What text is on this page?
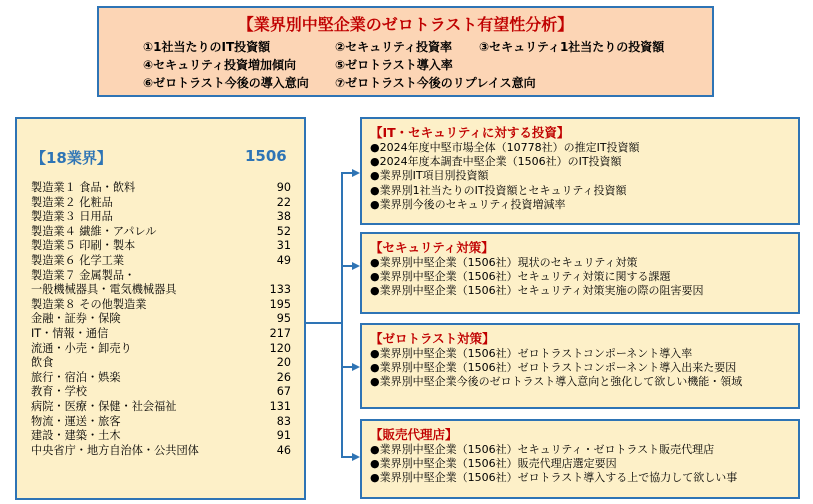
【業界別中堅企業のゼロトラスト有望性分析】
①1社当たりのIT投資額	②セキュリティ投資率 ③セキュリティ1社当たりの投資額
④セキュリティ投資増加傾向	⑤ゼロトラスト導入率
⑥ゼロトラスト今後の導入意向 ⑦ゼロトラスト今後のリプレイス意向
【18業界】	1506
製造業１ 食品・飲料	90
製造業２ 化粧品	22
製造業３ 日用品	38
製造業４ 繊維・アパレル	52
製造業５ 印刷・製本	31
製造業６ 化学工業	49
製造業７ 金属製品・
一般機械器具・電気機械器具	133
製造業８ その他製造業	195
金融・証券・保険	95
IT・情報・通信	217
流通・小売・卸売り	120
飲食	20
旅行・宿泊・娯楽	26
教育・学校	67
病院・医療・保健・社会福祉	131
物流・運送・旅客	83
建設・建築・土木	91
中央省庁・地方自治体・公共団体	46
【IT・セキュリティに対する投資】
●2024年度中堅市場全体（10778社）の推定IT投資額
●2024年度本調査中堅企業（1506社）のIT投資額
●業界別IT項目別投資額
●業界別1社当たりのIT投資額とセキュリティ投資額
●業界別今後のセキュリティ投資増減率
【セキュリティ対策】
●業界別中堅企業（1506社）現状のセキュリティ対策
●業界別中堅企業（1506社）セキュリティ対策に関する課題
●業界別中堅企業（1506社）セキュリティ対策実施の際の阻害要因
【ゼロトラスト対策】
●業界別中堅企業（1506社）ゼロトラストコンポーネント導入率
●業界別中堅企業（1506社）ゼロトラストコンポーネント導入出来た要因
●業界別中堅企業今後のゼロトラスト導入意向と強化して欲しい機能・領域
【販売代理店】
●業界別中堅企業（1506社）セキュリティ・ゼロトラスト販売代理店
●業界別中堅企業（1506社）販売代理店選定要因
●業界別中堅企業（1506社）ゼロトラスト導入する上で協力して欲しい事
